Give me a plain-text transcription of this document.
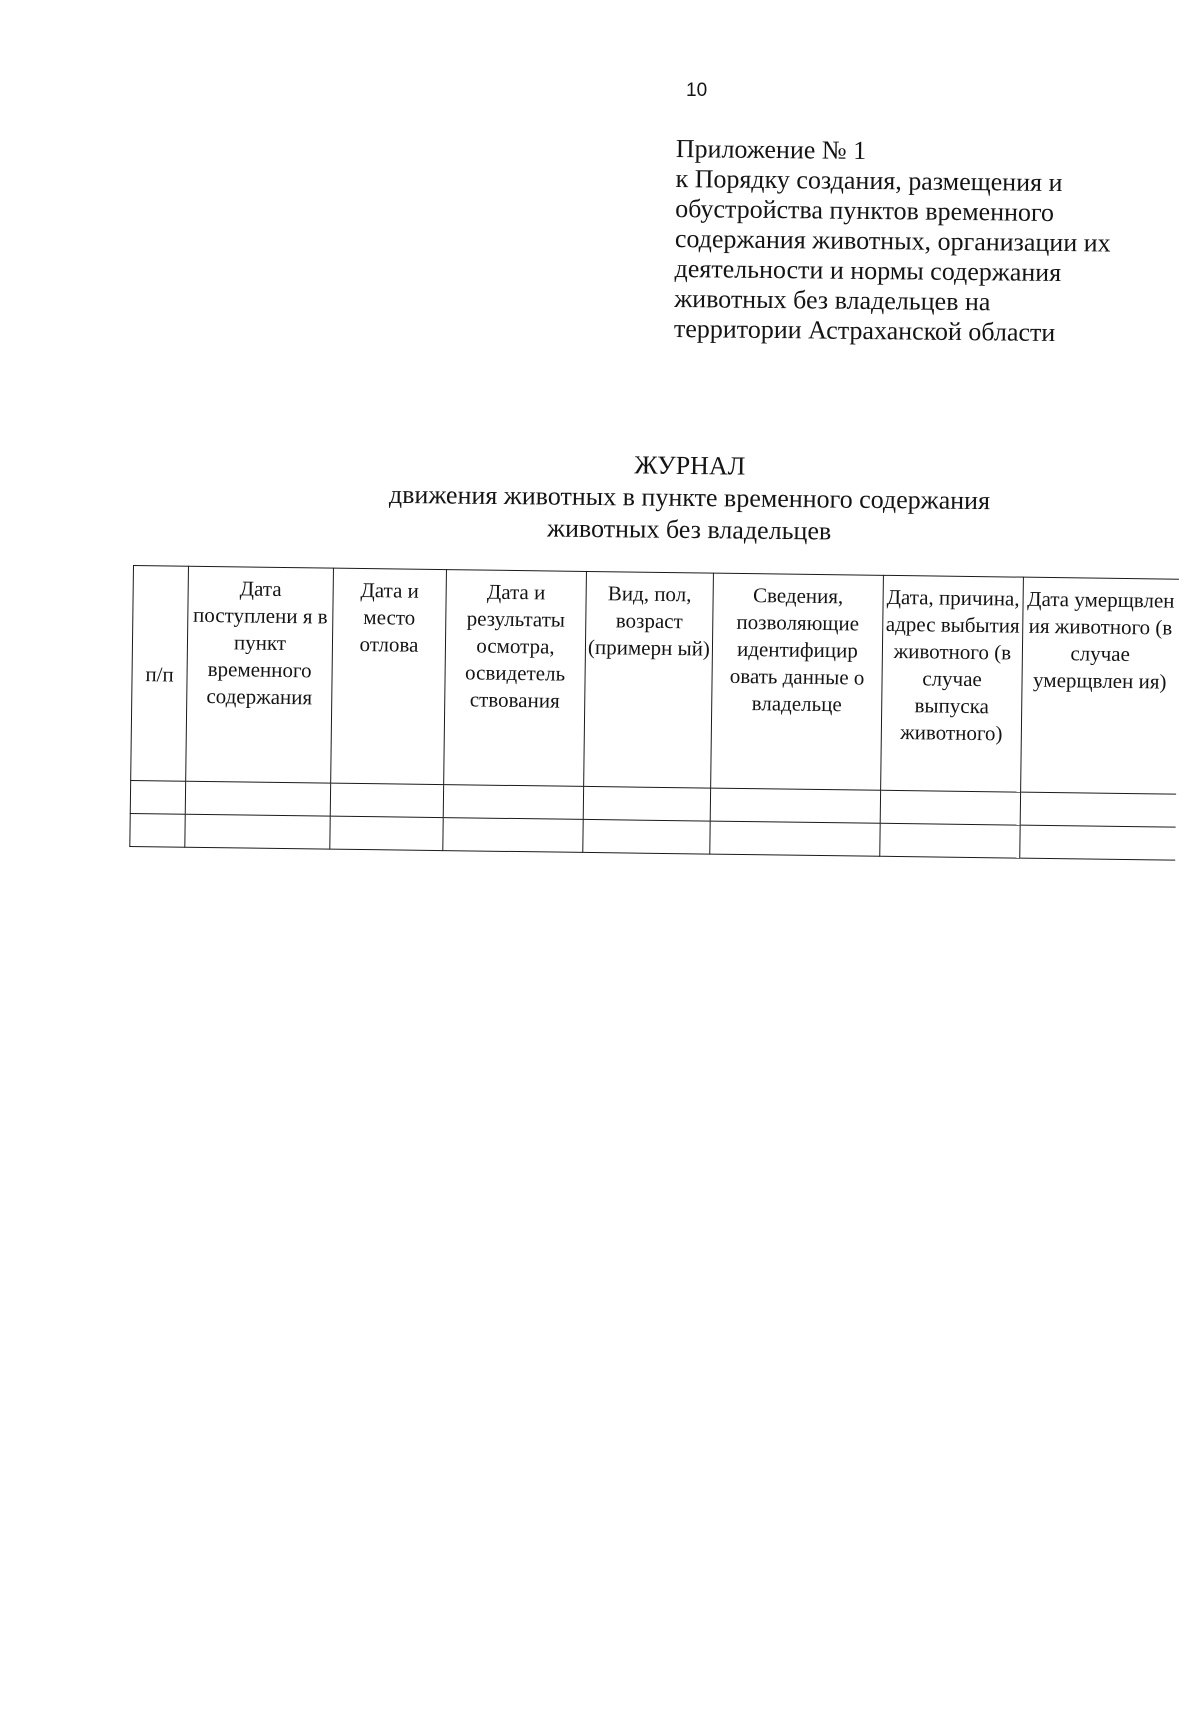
10
Приложение № 1
к Порядку создания, размещения и
обустройства пунктов временного
содержания животных, организации их
деятельности и нормы содержания
животных без владельцев на
территории Астраханской области
ЖУРНАЛ
движения животных в пункте временного содержания
животных без владельцев
п/п	Дата поступлени я в пункт временного содержания	Дата и место отлова	Дата и результаты осмотра, освидетель ствования	Вид, пол, возраст (примерн ый)	Сведения, позволяющие идентифицир овать данные о владельце	Дата, причина, адрес выбытия животного (в случае выпуска животного)	Дата умерщвлен ия животного (в случае умерщвлен ия)
